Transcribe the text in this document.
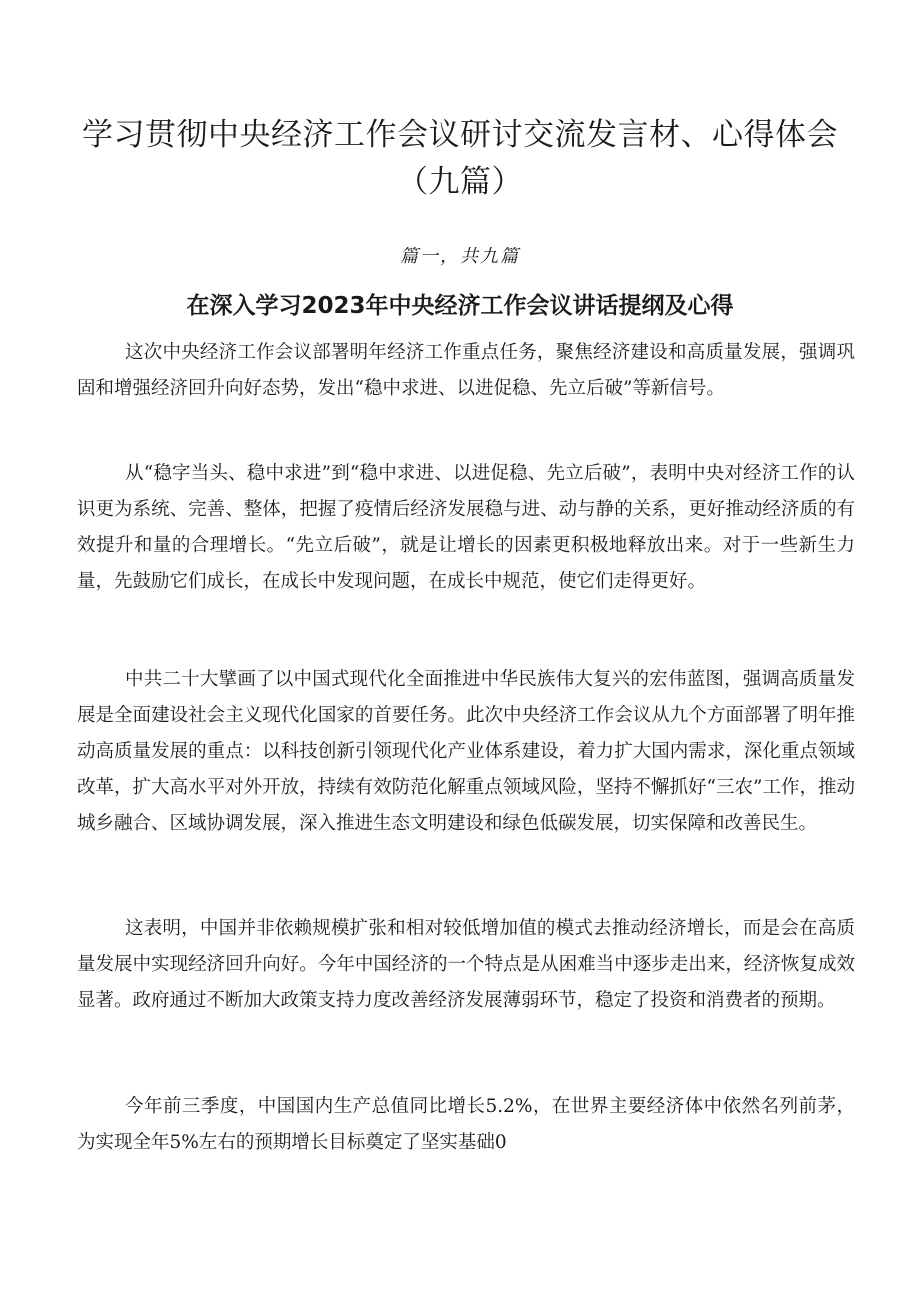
学习贯彻中央经济工作会议研讨交流发言材、心得体会（九篇）
篇一，共九篇
在深入学习2023年中央经济工作会议讲话提纲及心得

这次中央经济工作会议部署明年经济工作重点任务，聚焦经济建设和高质量发展，强调巩固和增强经济回升向好态势，发出“稳中求进、以进促稳、先立后破”等新信号。

从“稳字当头、稳中求进”到“稳中求进、以进促稳、先立后破”，表明中央对经济工作的认识更为系统、完善、整体，把握了疫情后经济发展稳与进、动与静的关系，更好推动经济质的有效提升和量的合理增长。“先立后破”，就是让增长的因素更积极地释放出来。对于一些新生力量，先鼓励它们成长，在成长中发现问题，在成长中规范，使它们走得更好。

中共二十大擘画了以中国式现代化全面推进中华民族伟大复兴的宏伟蓝图，强调高质量发展是全面建设社会主义现代化国家的首要任务。此次中央经济工作会议从九个方面部署了明年推动高质量发展的重点：以科技创新引领现代化产业体系建设，着力扩大国内需求，深化重点领域改革，扩大高水平对外开放，持续有效防范化解重点领域风险，坚持不懈抓好“三农”工作，推动城乡融合、区域协调发展，深入推进生态文明建设和绿色低碳发展，切实保障和改善民生。

这表明，中国并非依赖规模扩张和相对较低增加值的模式去推动经济增长，而是会在高质量发展中实现经济回升向好。今年中国经济的一个特点是从困难当中逐步走出来，经济恢复成效显著。政府通过不断加大政策支持力度改善经济发展薄弱环节，稳定了投资和消费者的预期。

今年前三季度，中国国内生产总值同比增长5.2%，在世界主要经济体中依然名列前茅，为实现全年5%左右的预期增长目标奠定了坚实基础0
